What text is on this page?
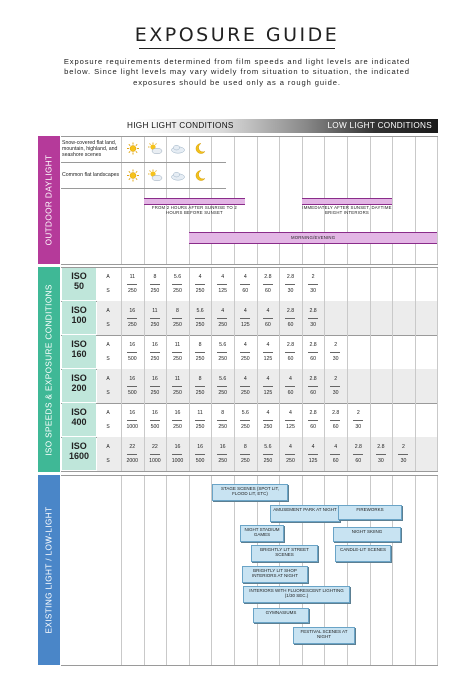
EXPOSURE GUIDE
Exposure requirements determined from film speeds and light levels are indicated below. Since light levels may vary widely from situation to situation, the indicated exposures should be used only as a rough guide.
HIGH LIGHT CONDITIONS	LOW LIGHT CONDITIONS
OUTDOOR DAYLIGHT
ISO SPEEDS & EXPOSURE CONDITIONS
EXISTING LIGHT / LOW-LIGHT
Snow-covered flat land, mountain, highland, and seashore scenes
Common flat landscapes
FROM 2 HOURS AFTER SUNRISE TO 2 HOURS BEFORE SUNSET
IMMEDIATELY AFTER SUNSET, DAYTIME BRIGHT INTERIORS
MORNING/EVENING
ISO
50
A
S
11
250
8
250
5.6
250
4
250
4
125
4
60
2.8
60
2.8
30
2
30
ISO
100
A
S
16
250
11
250
8
250
5.6
250
4
250
4
125
4
60
2.8
60
2.8
30
ISO
160
A
S
16
500
16
250
11
250
8
250
5.6
250
4
250
4
125
2.8
60
2.8
60
2
30
ISO
200
A
S
16
500
16
250
11
250
8
250
5.6
250
4
250
4
125
4
60
2.8
60
2
30
ISO
400
A
S
16
1000
16
500
16
250
11
250
8
250
5.6
250
4
250
4
125
2.8
60
2.8
60
2
30
ISO
1600
A
S
22
2000
22
1000
16
1000
16
500
16
250
8
250
5.6
250
4
250
4
125
4
60
2.8
60
2.8
30
2
30
STAGE SCENES (SPOT LIT, FLOOD LIT, ETC)
AMUSEMENT PARK AT NIGHT	FIREWORKS
NIGHT STADIUM GAMES
NIGHT SKIING
BRIGHTLY LIT STREET SCENES
CANDLE-LIT SCENES
BRIGHTLY LIT SHOP INTERIORS AT NIGHT
INTERIORS WITH FLUORESCENT LIGHTING (1/30 SEC.)
GYMNASIUMS
FESTIVAL SCENES AT NIGHT
